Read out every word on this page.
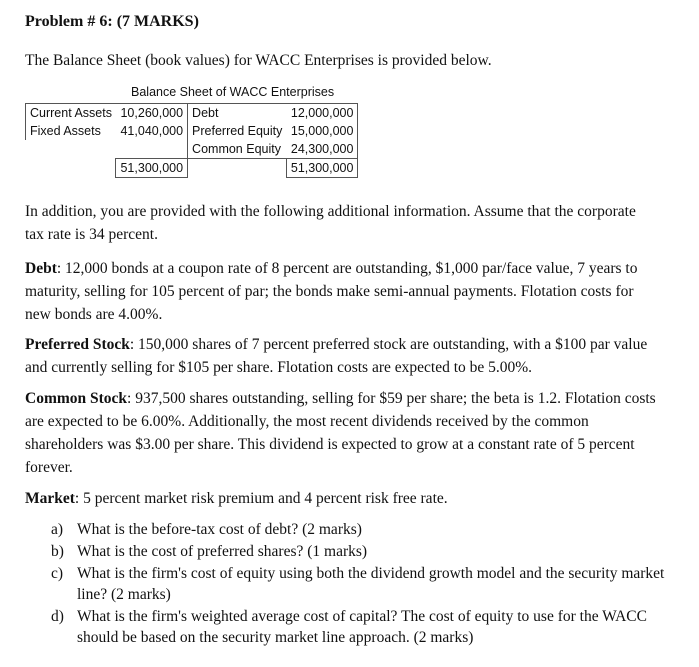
Problem # 6: (7 MARKS)
The Balance Sheet (book values) for WACC Enterprises is provided below.
Balance Sheet of WACC Enterprises
Current Assets	10,260,000	Debt	12,000,000
Fixed Assets	41,040,000	Preferred Equity	15,000,000
		Common Equity	24,300,000
	51,300,000		51,300,000
In addition, you are provided with the following additional information. Assume that the corporate tax rate is 34 percent.
Debt: 12,000 bonds at a coupon rate of 8 percent are outstanding, $1,000 par/face value, 7 years to maturity, selling for 105 percent of par; the bonds make semi-annual payments. Flotation costs for new bonds are 4.00%.
Preferred Stock: 150,000 shares of 7 percent preferred stock are outstanding, with a $100 par value and currently selling for $105 per share. Flotation costs are expected to be 5.00%.
Common Stock: 937,500 shares outstanding, selling for $59 per share; the beta is 1.2. Flotation costs are expected to be 6.00%. Additionally, the most recent dividends received by the common shareholders was $3.00 per share. This dividend is expected to grow at a constant rate of 5 percent forever.
Market: 5 percent market risk premium and 4 percent risk free rate.
a) What is the before-tax cost of debt? (2 marks)
b) What is the cost of preferred shares? (1 marks)
c) What is the firm's cost of equity using both the dividend growth model and the security market line? (2 marks)
d) What is the firm's weighted average cost of capital? The cost of equity to use for the WACC should be based on the security market line approach. (2 marks)
